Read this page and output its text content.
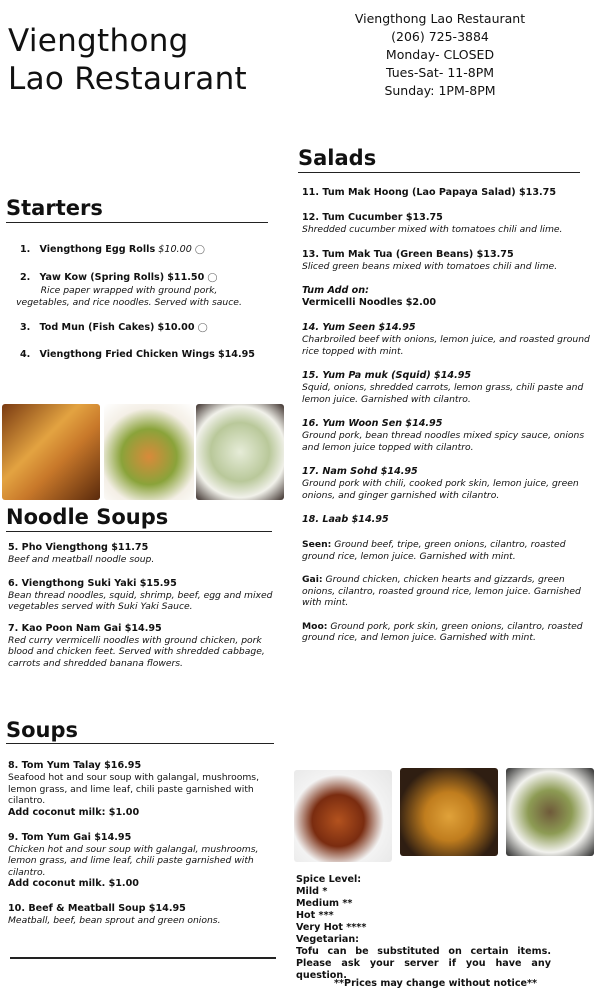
Viengthong
Lao Restaurant
Viengthong Lao Restaurant
(206) 725-3884
Monday- CLOSED
Tues-Sat- 11-8PM
Sunday: 1PM-8PM
Starters
1. Viengthong Egg Rolls $10.00 ◯
2. Yaw Kow (Spring Rolls) $11.50 ◯
Rice paper wrapped with ground pork, vegetables, and rice noodles. Served with sauce.
3. Tod Mun (Fish Cakes) $10.00 ◯
4. Viengthong Fried Chicken Wings $14.95
Noodle Soups
5. Pho Viengthong $11.75
Beef and meatball noodle soup.
6. Viengthong Suki Yaki $15.95
Bean thread noodles, squid, shrimp, beef, egg and mixed vegetables served with Suki Yaki Sauce.
7. Kao Poon Nam Gai $14.95
Red curry vermicelli noodles with ground chicken, pork blood and chicken feet. Served with shredded cabbage, carrots and shredded banana flowers.
Soups
8. Tom Yum Talay $16.95
Seafood hot and sour soup with galangal, mushrooms, lemon grass, and lime leaf, chili paste garnished with cilantro.
Add coconut milk: $1.00
9. Tom Yum Gai $14.95
Chicken hot and sour soup with galangal, mushrooms, lemon grass, and lime leaf, chili paste garnished with cilantro.
Add coconut milk. $1.00
10. Beef & Meatball Soup $14.95
Meatball, beef, bean sprout and green onions.
Salads
11. Tum Mak Hoong (Lao Papaya Salad) $13.75
12. Tum Cucumber $13.75
Shredded cucumber mixed with tomatoes chili and lime.
13. Tum Mak Tua (Green Beans) $13.75
Sliced green beans mixed with tomatoes chili and lime.
Tum Add on:
Vermicelli Noodles $2.00
14. Yum Seen $14.95
Charbroiled beef with onions, lemon juice, and roasted ground rice topped with mint.
15. Yum Pa muk (Squid) $14.95
Squid, onions, shredded carrots, lemon grass, chili paste and lemon juice. Garnished with cilantro.
16. Yum Woon Sen $14.95
Ground pork, bean thread noodles mixed spicy sauce, onions and lemon juice topped with cilantro.
17. Nam Sohd $14.95
Ground pork with chili, cooked pork skin, lemon juice, green onions, and ginger garnished with cilantro.
18. Laab $14.95
Seen: Ground beef, tripe, green onions, cilantro, roasted ground rice, lemon juice. Garnished with mint.
Gai: Ground chicken, chicken hearts and gizzards, green onions, cilantro, roasted ground rice, lemon juice. Garnished with mint.
Moo: Ground pork, pork skin, green onions, cilantro, roasted ground rice, and lemon juice. Garnished with mint.
Spice Level:
Mild *
Medium **
Hot ***
Very Hot ****
Vegetarian:
Tofu can be substituted on certain items. Please ask your server if you have any question.
**Prices may change without notice**
